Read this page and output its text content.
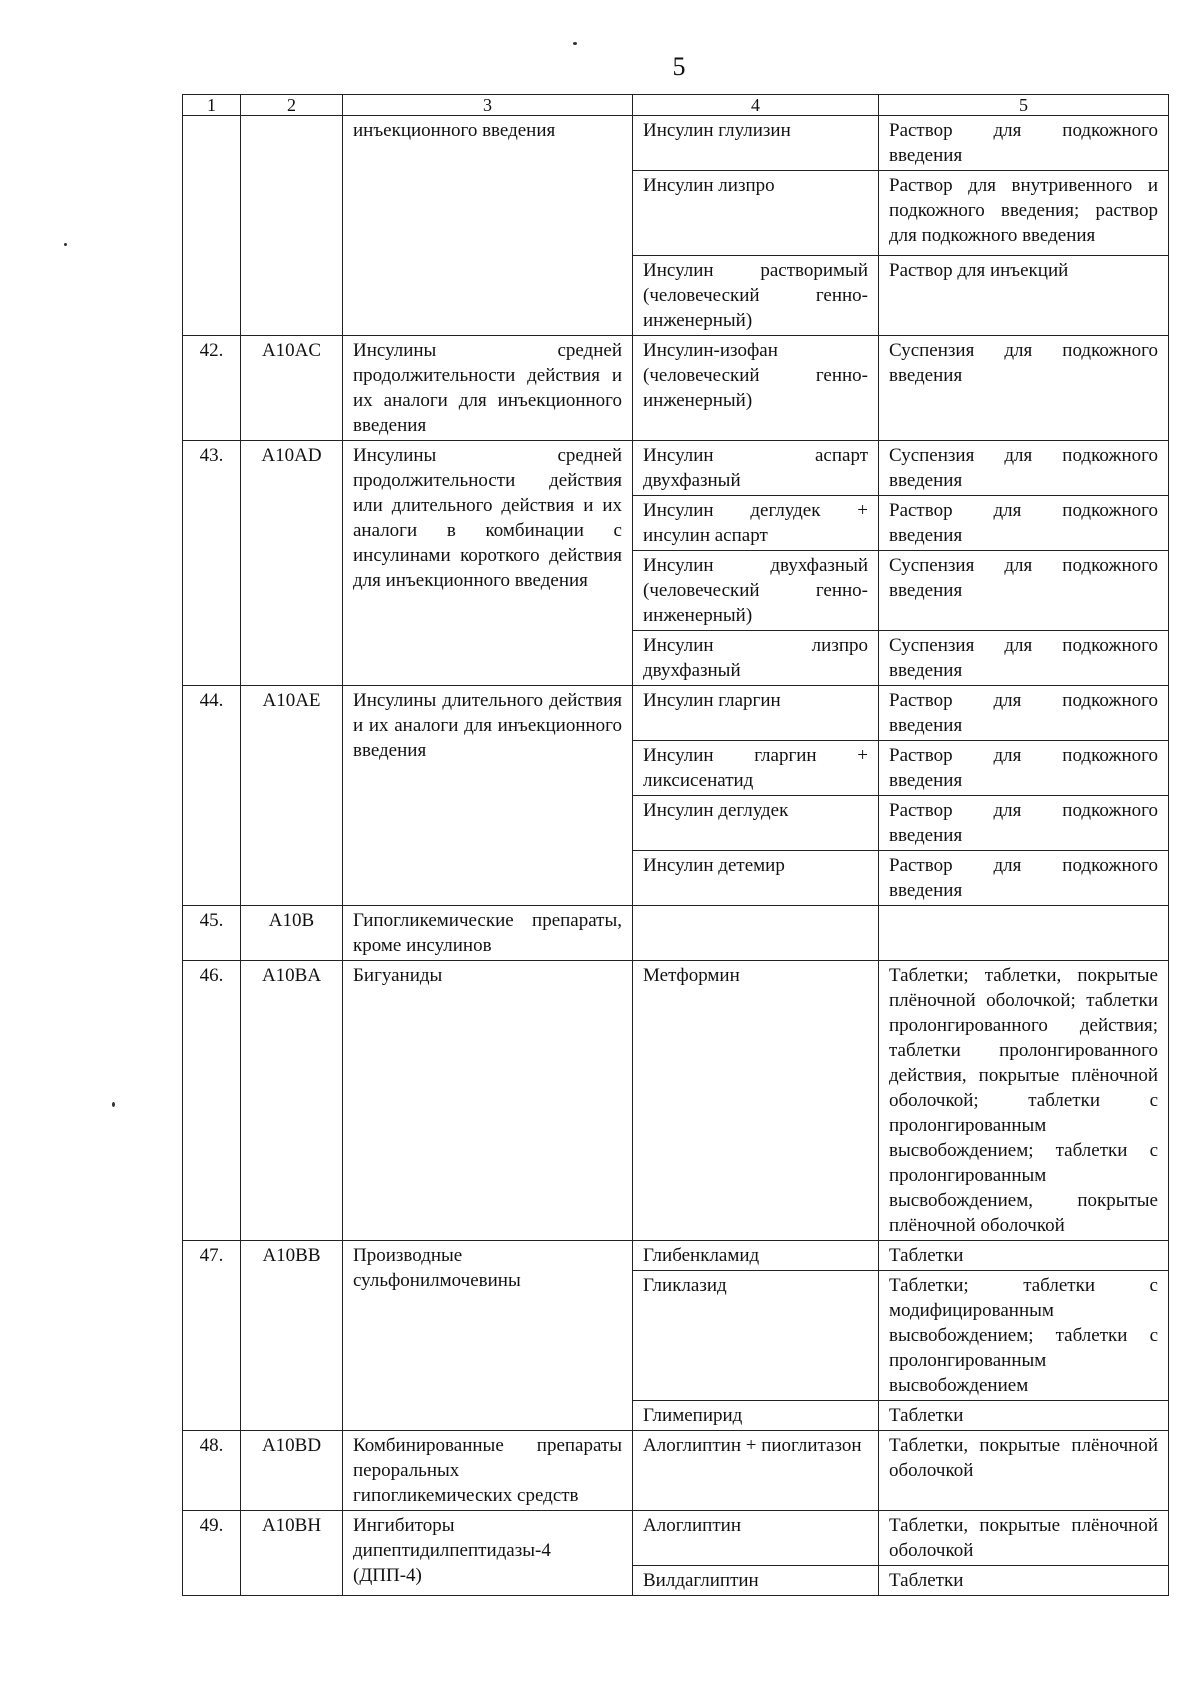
5
1	2	3	4	5
		инъекционного введения	Инсулин глулизин	Раствор для подкожного введения
			Инсулин лизпро	Раствор для внутривенного и подкожного введения; раствор для подкожного введения
			Инсулин растворимый (человеческий генно-инженерный)	Раствор для инъекций
42.	A10AC	Инсулины средней продолжительности действия и их аналоги для инъекционного введения	Инсулин-изофан (человеческий генно-инженерный)	Суспензия для подкожного введения
43.	A10AD	Инсулины средней продолжительности действия или длительного действия и их аналоги в комбинации с инсулинами короткого действия для инъекционного введения	Инсулин аспарт двухфазный	Суспензия для подкожного введения
			Инсулин деглудек + инсулин аспарт	Раствор для подкожного введения
			Инсулин двухфазный (человеческий генно-инженерный)	Суспензия для подкожного введения
			Инсулин лизпро двухфазный	Суспензия для подкожного введения
44.	A10AE	Инсулины длительного действия и их аналоги для инъекционного введения	Инсулин гларгин	Раствор для подкожного введения
			Инсулин гларгин + ликсисенатид	Раствор для подкожного введения
			Инсулин деглудек	Раствор для подкожного введения
			Инсулин детемир	Раствор для подкожного введения
45.	A10B	Гипогликемические препараты, кроме инсулинов		
46.	A10BA	Бигуаниды	Метформин	Таблетки; таблетки, покрытые плёночной оболочкой; таблетки пролонгированного действия; таблетки пролонгированного действия, покрытые плёночной оболочкой; таблетки с пролонгированным высвобождением; таблетки с пролонгированным высвобождением, покрытые плёночной оболочкой
47.	A10BB	Производные сульфонилмочевины	Глибенкламид	Таблетки
			Гликлазид	Таблетки; таблетки с модифицированным высвобождением; таблетки с пролонгированным высвобождением
			Глимепирид	Таблетки
48.	A10BD	Комбинированные препараты пероральных гипогликемических средств	Алоглиптин + пиоглитазон	Таблетки, покрытые плёночной оболочкой
49.	A10BH	Ингибиторы дипептидилпептидазы-4 (ДПП-4)	Алоглиптин	Таблетки, покрытые плёночной оболочкой
			Вилдаглиптин	Таблетки
